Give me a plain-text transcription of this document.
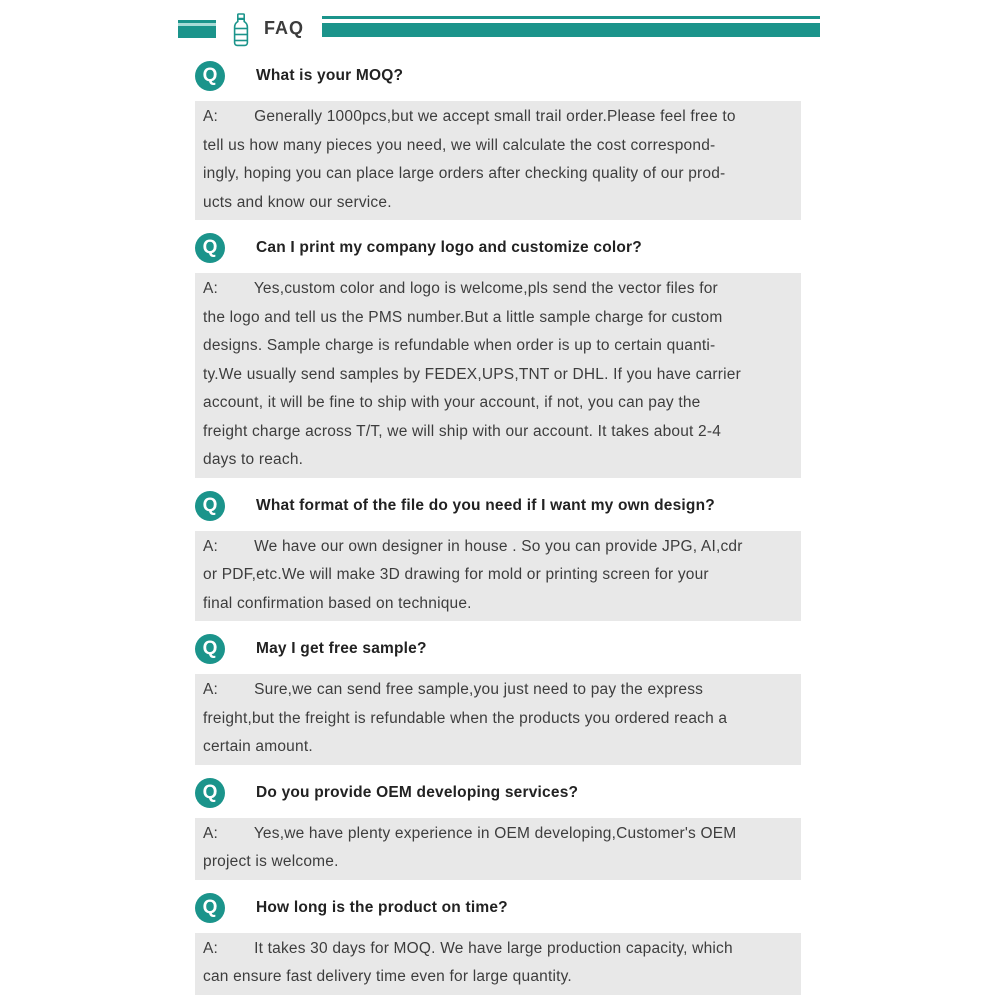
FAQ
Q	What is your MOQ?
A:        Generally 1000pcs,but we accept small trail order.Please feel free to
tell us how many pieces you need, we will calculate the cost correspond-
ingly, hoping you can place large orders after checking quality of our prod-
ucts and know our service.
Q	Can I print my company logo and customize color?
A:        Yes,custom color and logo is welcome,pls send the vector files for
the logo and tell us the PMS number.But a little sample charge for custom
designs. Sample charge is refundable when order is up to certain quanti-
ty.We usually send samples by FEDEX,UPS,TNT or DHL. If you have carrier
account, it will be fine to ship with your account, if not, you can pay the
freight charge across T/T, we will ship with our account. It takes about 2-4
days to reach.
Q	What format of the file do you need if I want my own design?
A:        We have our own designer in house . So you can provide JPG, AI,cdr
or PDF,etc.We will make 3D drawing for mold or printing screen for your
final confirmation based on technique.
Q	May I get free sample?
A:        Sure,we can send free sample,you just need to pay the express
freight,but the freight is refundable when the products you ordered reach a
certain amount.
Q	Do you provide OEM developing services?
A:        Yes,we have plenty experience in OEM developing,Customer's OEM
project is welcome.
Q	How long is the product on time?
A:        It takes 30 days for MOQ. We have large production capacity, which
can ensure fast delivery time even for large quantity.
